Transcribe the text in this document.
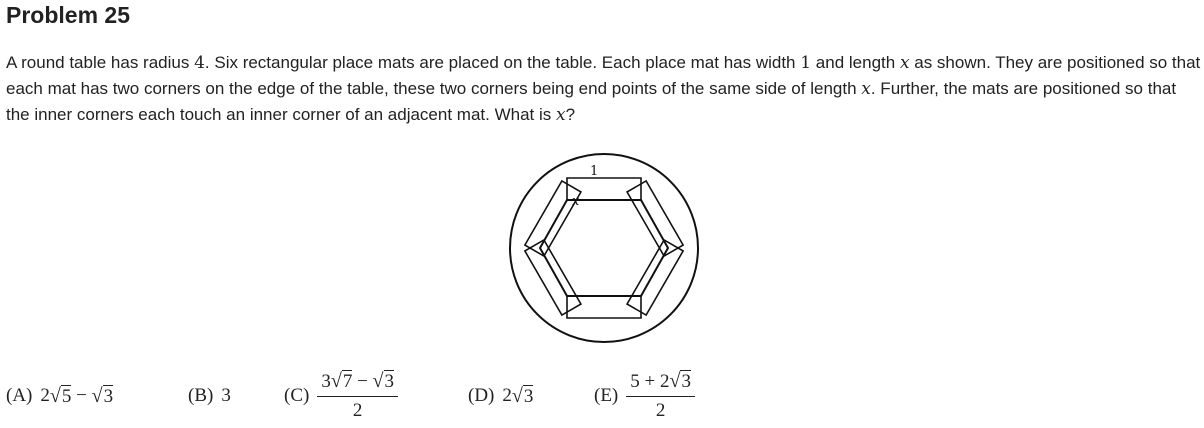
Problem 25

A round table has radius 4. Six rectangular place mats are placed on the table. Each place mat has width 1 and length x as shown. They are positioned so that each mat has two corners on the edge of the table, these two corners being end points of the same side of length x. Further, the mats are positioned so that the inner corners each touch an inner corner of an adjacent mat. What is x?

1
x
(A) 2 √5 − √3	(B) 3	$(C) \frac{3√7 - √3}{2}$	(D) 2 √3	$(E) \frac{5 + 2√3}{2}$
